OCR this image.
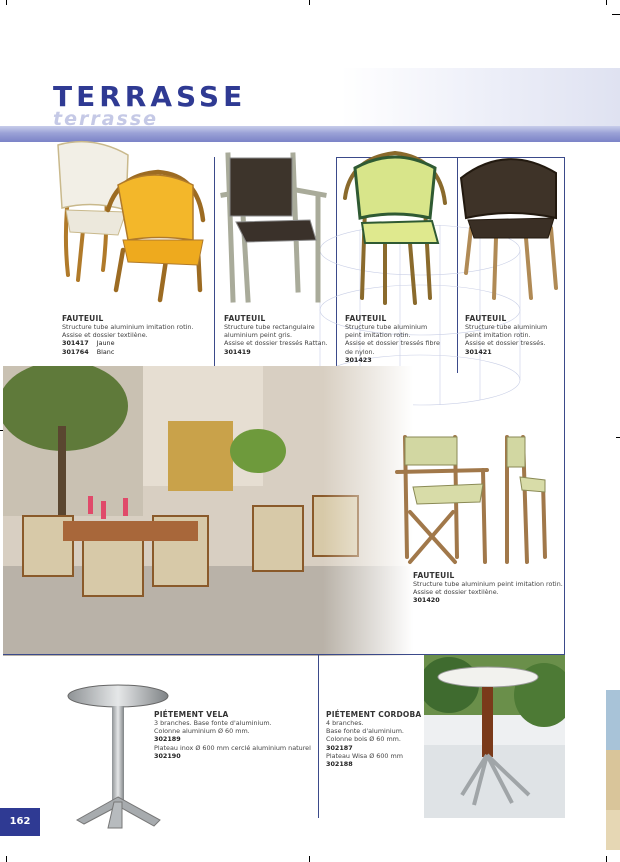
TERRASSE
terrasse
FAUTEUIL
Structure tube aluminium imitation rotin.
Assise et dossier textilène.
301417 Jaune
301764 Blanc
FAUTEUIL
Structure tube rectangulaire
aluminium peint gris.
Assise et dossier tressés Rattan.
301419
FAUTEUIL
Structure tube aluminium
peint imitation rotin.
Assise et dossier tressés fibre
de nylon.
301423
FAUTEUIL
Structure tube aluminium
peint imitation rotin.
Assise et dossier tressés.
301421
FAUTEUIL
Structure tube aluminium peint imitation rotin.
Assise et dossier textilène.
301420
PIÉTEMENT VELA
3 branches. Base fonte d'aluminium.
Colonne aluminium Ø 60 mm.
302189
Plateau inox Ø 600 mm cerclé aluminium naturel
302190
PIÉTEMENT CORDOBA
4 branches.
Base fonte d'aluminium.
Colonne bois Ø 60 mm.
302187
Plateau Wisa Ø 600 mm
302188
162
